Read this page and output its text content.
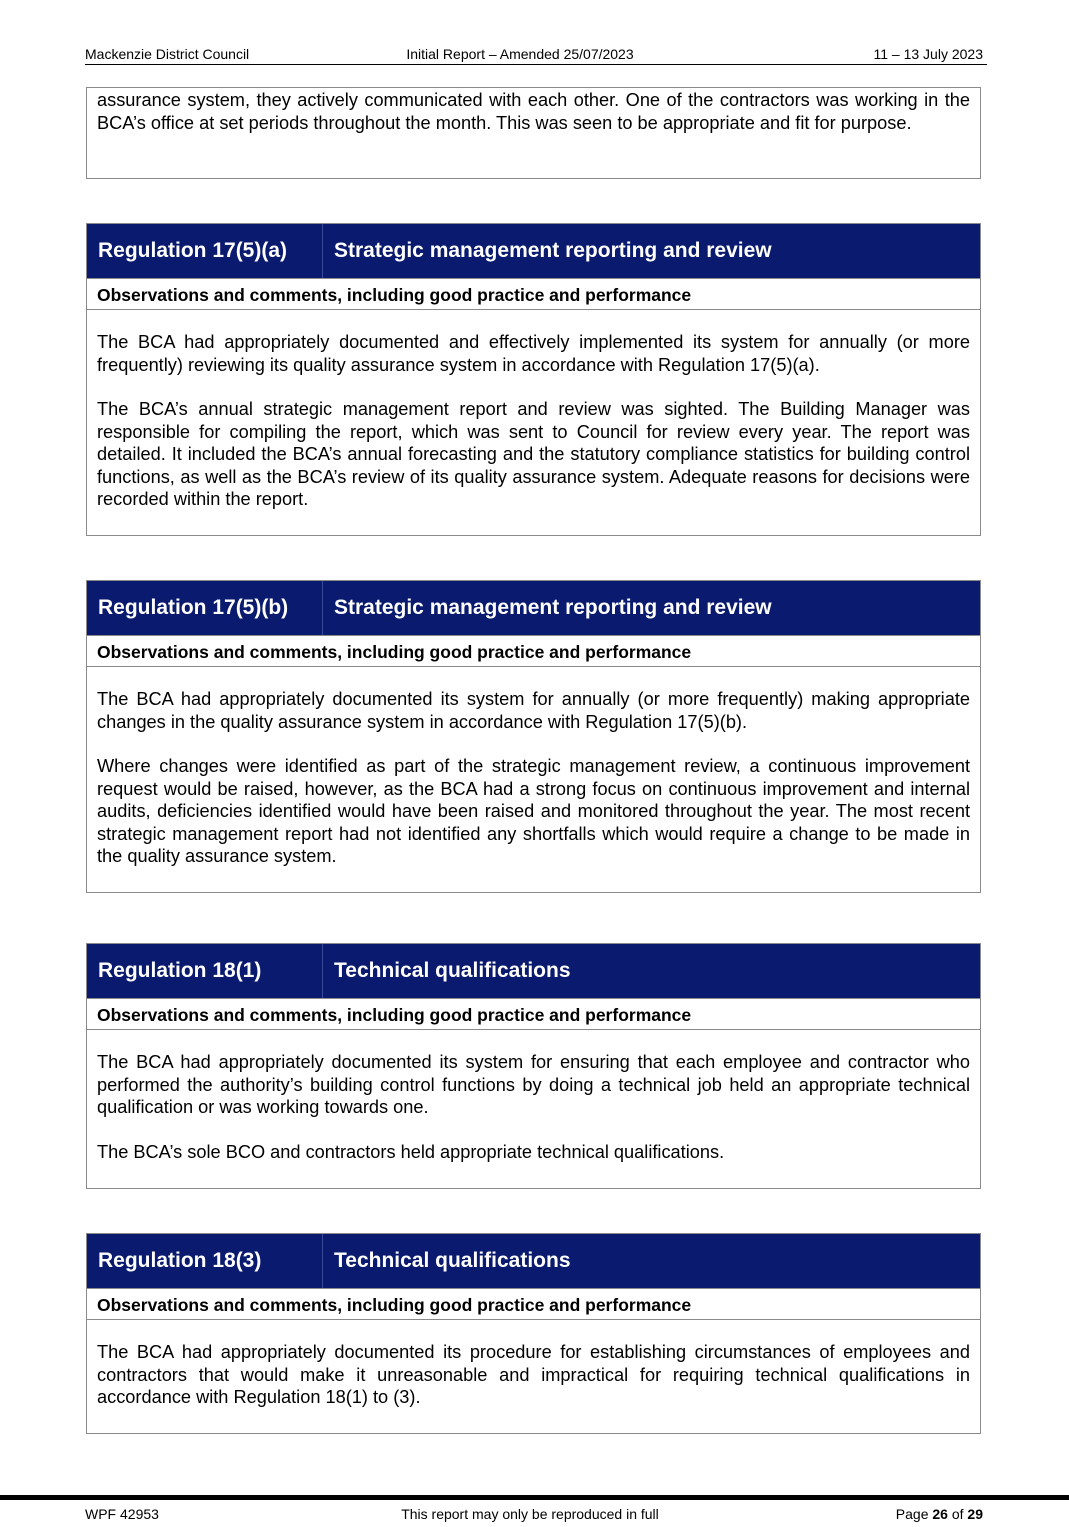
Mackenzie District Council	Initial Report – Amended 25/07/2023	11 – 13 July 2023

assurance system, they actively communicated with each other. One of the contractors was working in the BCA’s office at set periods throughout the month. This was seen to be appropriate and fit for purpose.

Regulation 17(5)(a)	Strategic management reporting and review
Observations and comments, including good practice and performance

The BCA had appropriately documented and effectively implemented its system for annually (or more frequently) reviewing its quality assurance system in accordance with Regulation 17(5)(a).

The BCA’s annual strategic management report and review was sighted. The Building Manager was responsible for compiling the report, which was sent to Council for review every year. The report was detailed. It included the BCA’s annual forecasting and the statutory compliance statistics for building control functions, as well as the BCA’s review of its quality assurance system. Adequate reasons for decisions were recorded within the report.

Regulation 17(5)(b)	Strategic management reporting and review
Observations and comments, including good practice and performance

The BCA had appropriately documented its system for annually (or more frequently) making appropriate changes in the quality assurance system in accordance with Regulation 17(5)(b).

Where changes were identified as part of the strategic management review, a continuous improvement request would be raised, however, as the BCA had a strong focus on continuous improvement and internal audits, deficiencies identified would have been raised and monitored throughout the year. The most recent strategic management report had not identified any shortfalls which would require a change to be made in the quality assurance system.

Regulation 18(1)	Technical qualifications
Observations and comments, including good practice and performance

The BCA had appropriately documented its system for ensuring that each employee and contractor who performed the authority’s building control functions by doing a technical job held an appropriate technical qualification or was working towards one.

The BCA’s sole BCO and contractors held appropriate technical qualifications.

Regulation 18(3)	Technical qualifications
Observations and comments, including good practice and performance

The BCA had appropriately documented its procedure for establishing circumstances of employees and contractors that would make it unreasonable and impractical for requiring technical qualifications in accordance with Regulation 18(1) to (3).

WPF 42953	This report may only be reproduced in full	Page 26 of 29
